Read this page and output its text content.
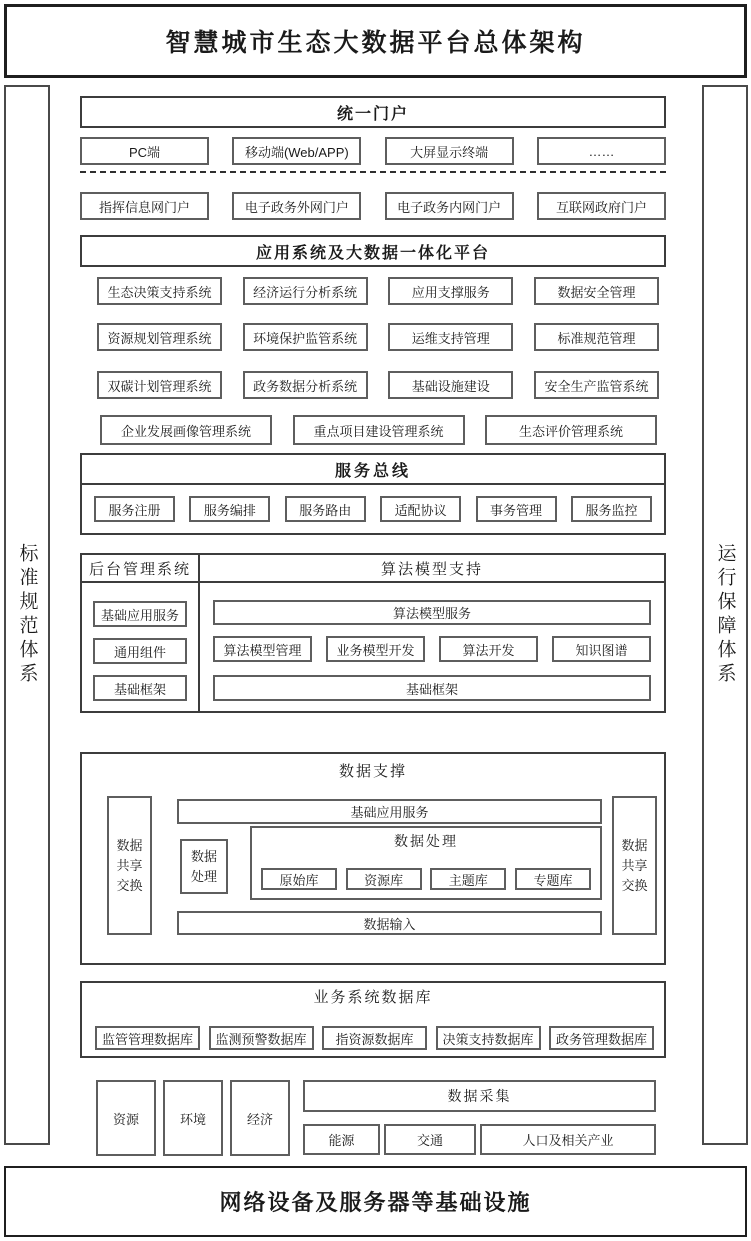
智慧城市生态大数据平台总体架构
标准规范体系	运行保障体系
统一门户
PC端	移动端(Web/APP)	大屏显示终端	……
指挥信息网门户	电子政务外网门户	电子政务内网门户	互联网政府门户
应用系统及大数据一体化平台
生态决策支持系统	经济运行分析系统	应用支撑服务	数据安全管理
资源规划管理系统	环境保护监管系统	运维支持管理	标准规范管理
双碳计划管理系统	政务数据分析系统	基础设施建设	安全生产监管系统
企业发展画像管理系统	重点项目建设管理系统	生态评价管理系统
服务总线
服务注册	服务编排	服务路由	适配协议	事务管理	服务监控
后台管理系统
基础应用服务
通用组件
基础框架
算法模型支持
算法模型服务
算法模型管理	业务模型开发	算法开发	知识图谱
基础框架
数据支撑
数据共享交换
基础应用服务
数据处理
数据处理
原始库	资源库	主题库	专题库
数据输入
数据共享交换
业务系统数据库
监管管理数据库	监测预警数据库	指资源数据库	决策支持数据库	政务管理数据库
资源	环境	经济
数据采集
能源	交通	人口及相关产业
网络设备及服务器等基础设施
